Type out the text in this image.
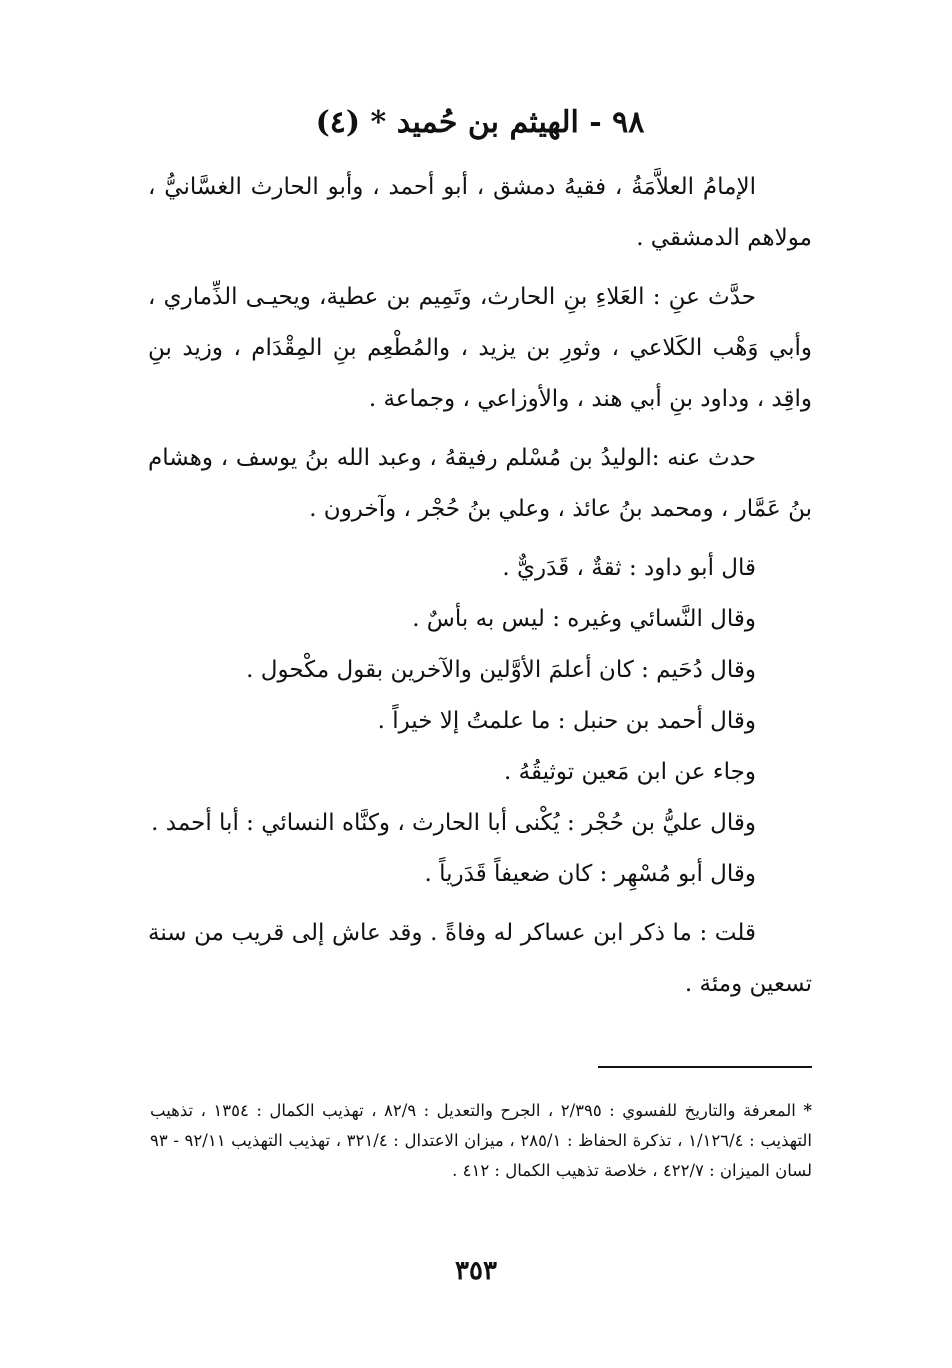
٩٨ - الهيثم بن حُميد * (٤)

الإمامُ العلاَّمَةُ ، فقيهُ دمشق ، أبو أحمد ، وأبو الحارث الغسَّانيُّ ، مولاهم الدمشقي .

حدَّث عنِ : العَلاءِ بنِ الحارث، وتَمِيم بن عطية، ويحيـى الذِّماري ، وأبي وَهْب الكَلاعي ، وثورِ بن يزيد ، والمُطْعِم بنِ المِقْدَام ، وزيد بنِ واقِد ، وداود بنِ أبي هند ، والأوزاعي ، وجماعة .

حدث عنه :الوليدُ بن مُسْلم رفيقهُ ، وعبد الله بنُ يوسف ، وهشام بنُ عَمَّار ، ومحمد بنُ عائذ ، وعلي بنُ حُجْر ، وآخرون .

قال أبو داود : ثقةٌ ، قَدَريٌّ .

وقال النَّسائي وغيره : ليس به بأسٌ .

وقال دُحَيم : كان أعلمَ الأوَّلين والآخرين بقول مكْحول .

وقال أحمد بن حنبل : ما علمتُ إلا خيراً .

وجاء عن ابن مَعين توثيقُهُ .

وقال عليُّ بن حُجْر : يُكْنى أبا الحارث ، وكنَّاه النسائي : أبا أحمد .

وقال أبو مُسْهِر : كان ضعيفاً قَدَرياً .

قلت : ما ذكر ابن عساكر له وفاةً . وقد عاش إلى قريب من سنة تسعين ومئة .

* المعرفة والتاريخ للفسوي : ٢/٣٩٥ ، الجرح والتعديل : ٨٢/٩ ، تهذيب الكمال : ١٣٥٤ ، تذهيب التهذيب : ١/١٢٦/٤ ، تذكرة الحفاظ : ٢٨٥/١ ، ميزان الاعتدال : ٣٢١/٤ ، تهذيب التهذيب ٩٢/١١ - ٩٣ لسان الميزان : ٤٢٢/٧ ، خلاصة تذهيب الكمال : ٤١٢ .
٣٥٣
